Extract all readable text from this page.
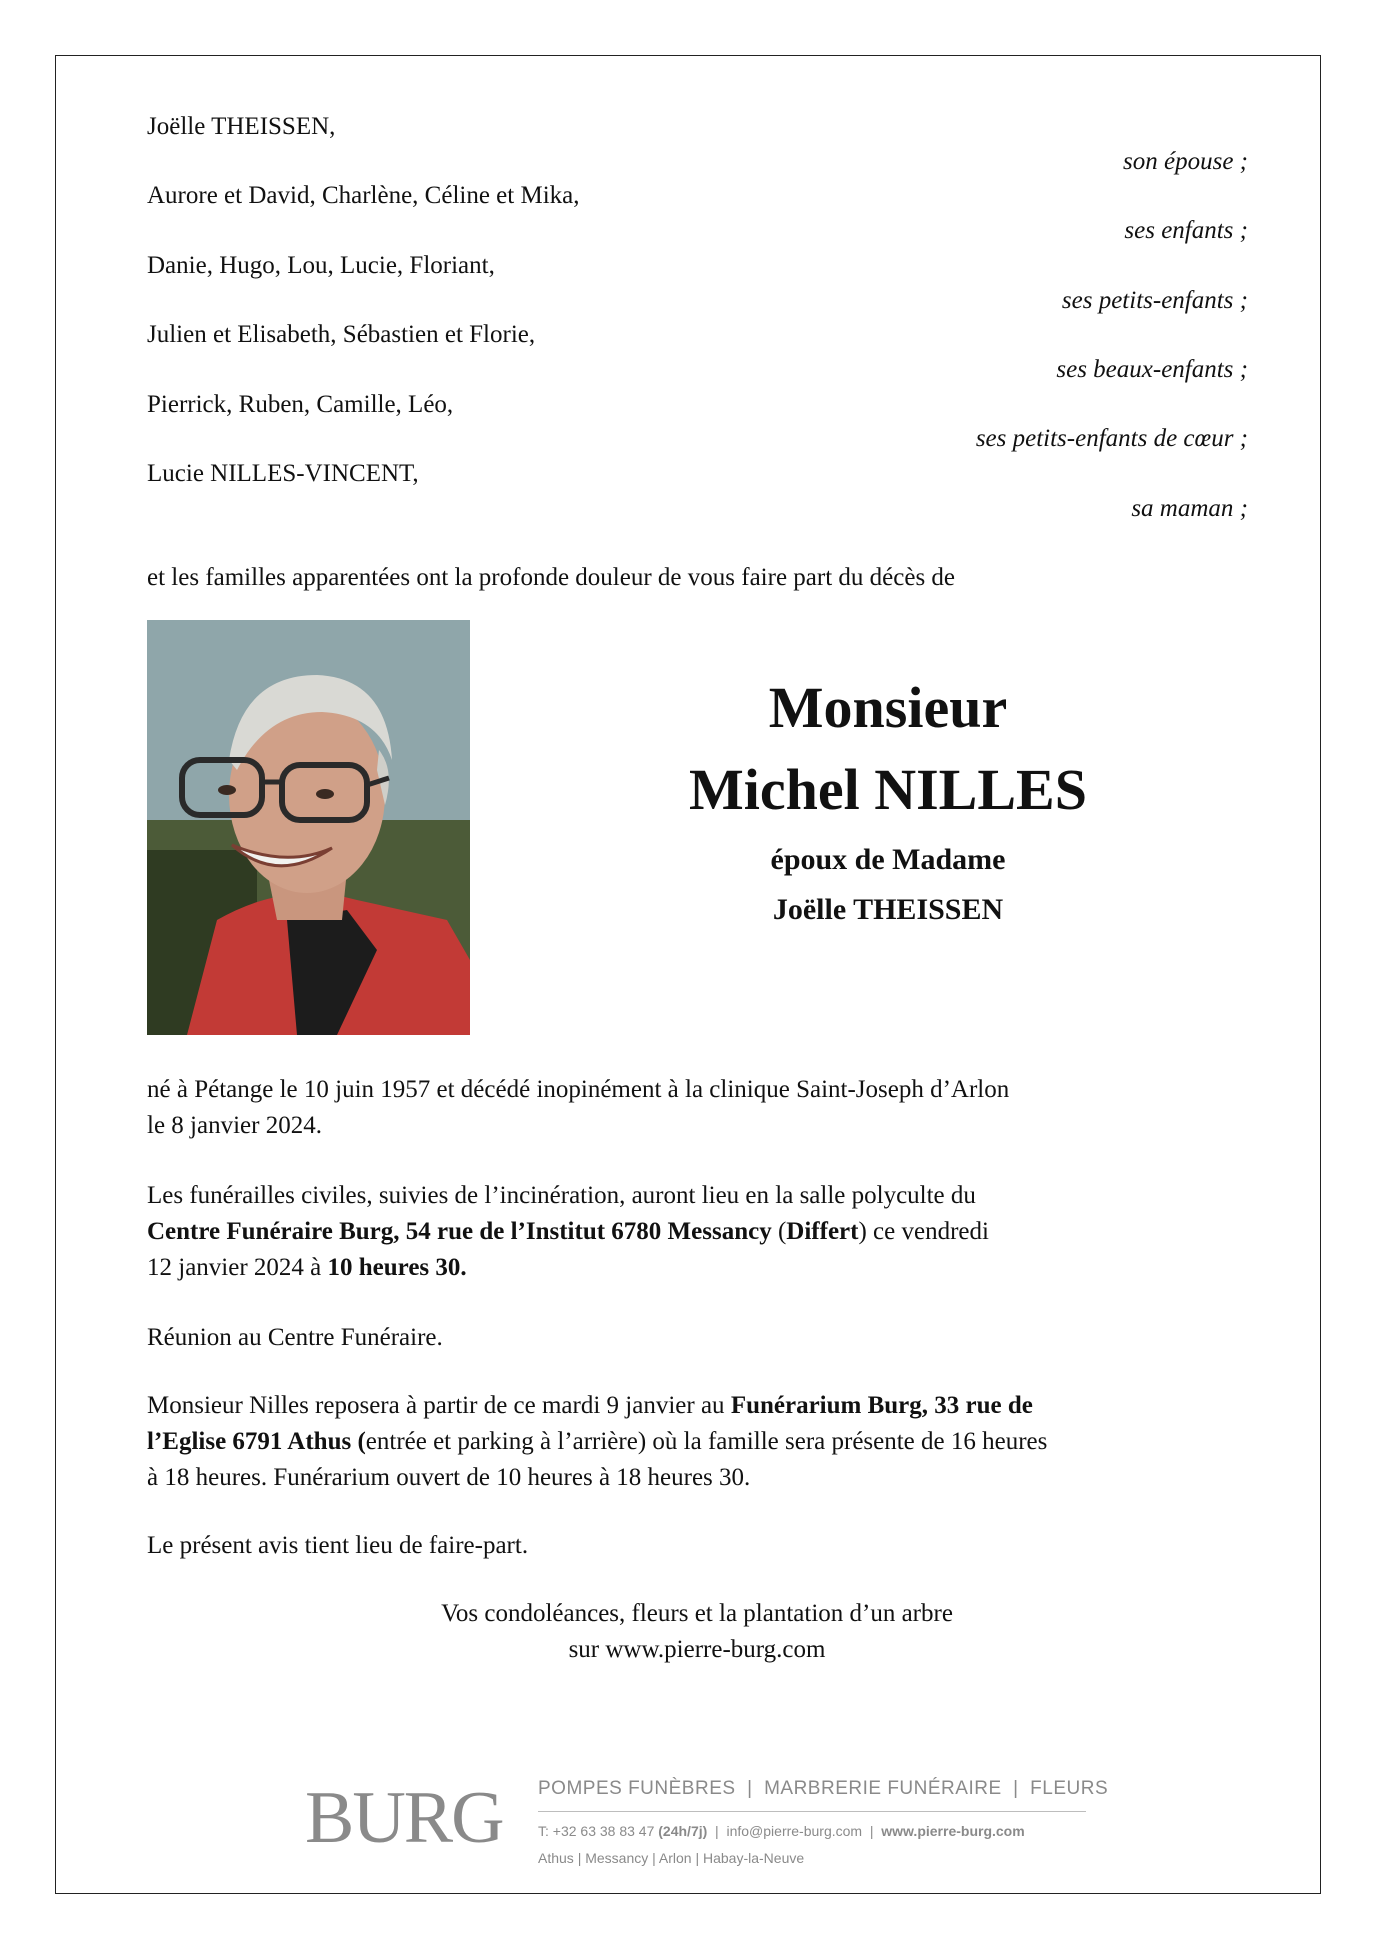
Joëlle THEISSEN,
son épouse ;
Aurore et David, Charlène, Céline et Mika,
ses enfants ;
Danie, Hugo, Lou, Lucie, Floriant,
ses petits-enfants ;
Julien et Elisabeth, Sébastien et Florie,
ses beaux-enfants ;
Pierrick, Ruben, Camille, Léo,
ses petits-enfants de cœur ;
Lucie NILLES-VINCENT,
sa maman ;
et les familles apparentées ont la profonde douleur de vous faire part du décès de
Monsieur
Michel NILLES
époux de Madame
Joëlle THEISSEN
né à Pétange le 10 juin 1957 et décédé inopinément à la clinique Saint-Joseph d’Arlon
le 8 janvier 2024.
Les funérailles civiles, suivies de l’incinération, auront lieu en la salle polyculte du
Centre Funéraire Burg, 54 rue de l’Institut 6780 Messancy (Differt) ce vendredi
12 janvier 2024 à 10 heures 30.
Réunion au Centre Funéraire.
Monsieur Nilles reposera à partir de ce mardi 9 janvier au Funérarium Burg, 33 rue de
l’Eglise 6791 Athus (entrée et parking à l’arrière) où la famille sera présente de 16 heures
à 18 heures. Funérarium ouvert de 10 heures à 18 heures 30.
Le présent avis tient lieu de faire-part.
Vos condoléances, fleurs et la plantation d’un arbre
sur www.pierre-burg.com
BURG POMPES FUNÈBRES  |  MARBRERIE FUNÉRAIRE  |  FLEURS
T: +32 63 38 83 47 (24h/7j)  |  info@pierre-burg.com  |  www.pierre-burg.com
Athus | Messancy | Arlon | Habay-la-Neuve
